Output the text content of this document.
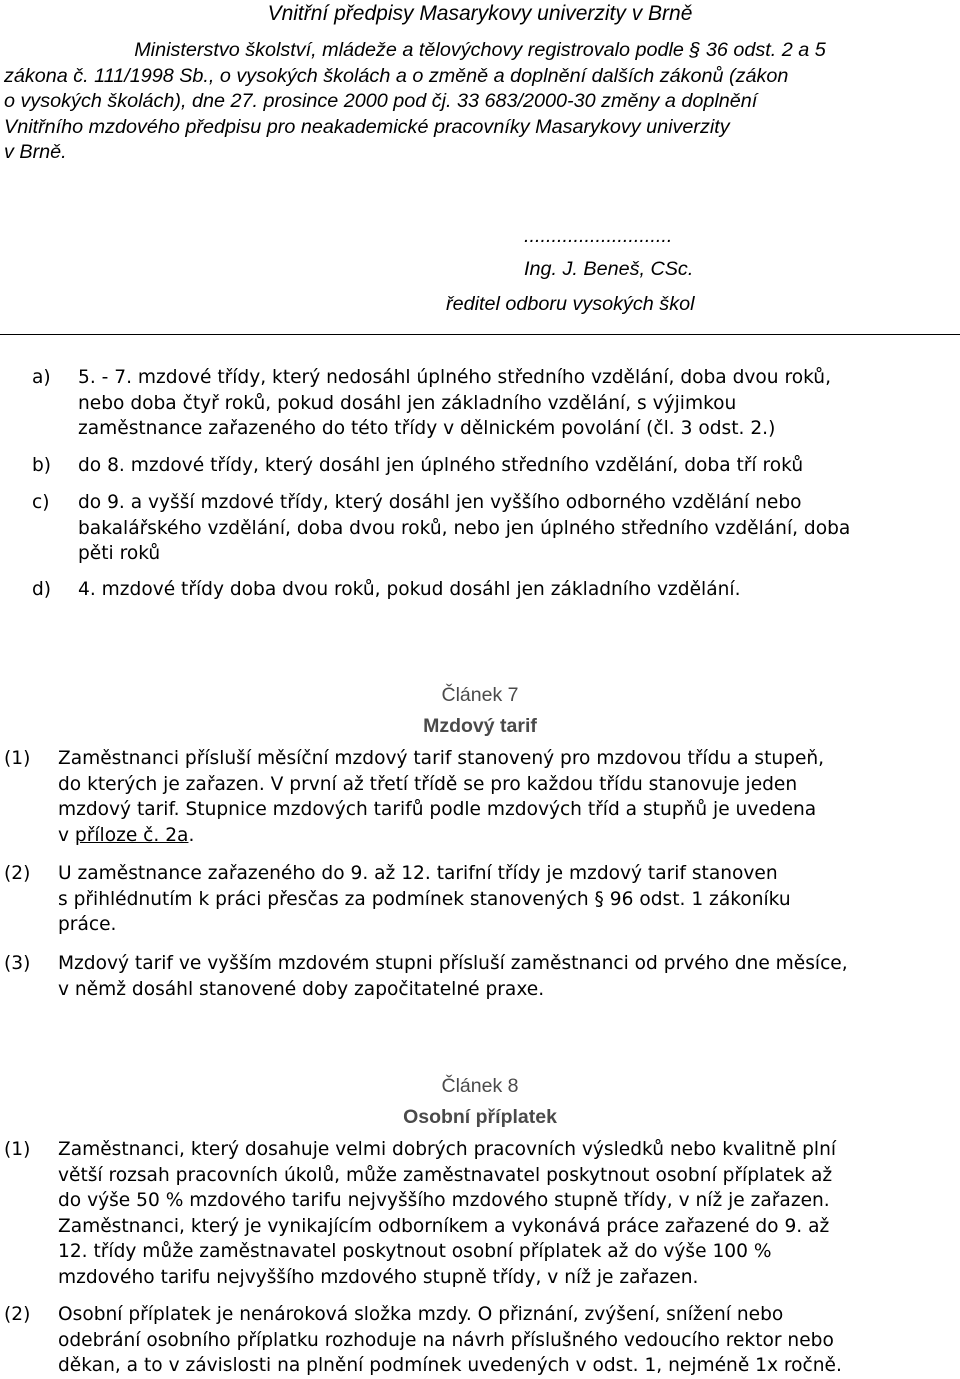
Vnitřní předpisy Masarykovy univerzity v Brně
Ministerstvo školství, mládeže a tělovýchovy registrovalo podle § 36 odst. 2 a 5
zákona č. 111/1998 Sb., o vysokých školách a o změně a doplnění dalších zákonů (zákon
o vysokých školách), dne 27. prosince 2000 pod čj. 33 683/2000-30 změny a doplnění
Vnitřního mzdového předpisu pro neakademické pracovníky Masarykovy univerzity
v Brně.
...........................
Ing. J. Beneš, CSc.
ředitel odboru vysokých škol
a) 5. - 7. mzdové třídy, který nedosáhl úplného středního vzdělání, doba dvou roků,
nebo doba čtyř roků, pokud dosáhl jen základního vzdělání, s výjimkou
zaměstnance zařazeného do této třídy v dělnickém povolání (čl. 3 odst. 2.)
b) do 8. mzdové třídy, který dosáhl jen úplného středního vzdělání, doba tří roků
c) do 9. a vyšší mzdové třídy, který dosáhl jen vyššího odborného vzdělání nebo
bakalářského vzdělání, doba dvou roků, nebo jen úplného středního vzdělání, doba
pěti roků
d) 4. mzdové třídy doba dvou roků, pokud dosáhl jen základního vzdělání.
Článek 7
Mzdový tarif
(1) Zaměstnanci přísluší měsíční mzdový tarif stanovený pro mzdovou třídu a stupeň,
do kterých je zařazen. V první až třetí třídě se pro každou třídu stanovuje jeden
mzdový tarif. Stupnice mzdových tarifů podle mzdových tříd a stupňů je uvedena
v příloze č. 2a.
(2) U zaměstnance zařazeného do 9. až 12. tarifní třídy je mzdový tarif stanoven
s přihlédnutím k práci přesčas za podmínek stanovených § 96 odst. 1 zákoníku
práce.
(3) Mzdový tarif ve vyšším mzdovém stupni přísluší zaměstnanci od prvého dne měsíce,
v němž dosáhl stanovené doby započitatelné praxe.
Článek 8
Osobní příplatek
(1) Zaměstnanci, který dosahuje velmi dobrých pracovních výsledků nebo kvalitně plní
větší rozsah pracovních úkolů, může zaměstnavatel poskytnout osobní příplatek až
do výše 50 % mzdového tarifu nejvyššího mzdového stupně třídy, v níž je zařazen.
Zaměstnanci, který je vynikajícím odborníkem a vykonává práce zařazené do 9. až
12. třídy může zaměstnavatel poskytnout osobní příplatek až do výše 100 %
mzdového tarifu nejvyššího mzdového stupně třídy, v níž je zařazen.
(2) Osobní příplatek je nenároková složka mzdy. O přiznání, zvýšení, snížení nebo
odebrání osobního příplatku rozhoduje na návrh příslušného vedoucího rektor nebo
děkan, a to v závislosti na plnění podmínek uvedených v odst. 1, nejméně 1x ročně.
